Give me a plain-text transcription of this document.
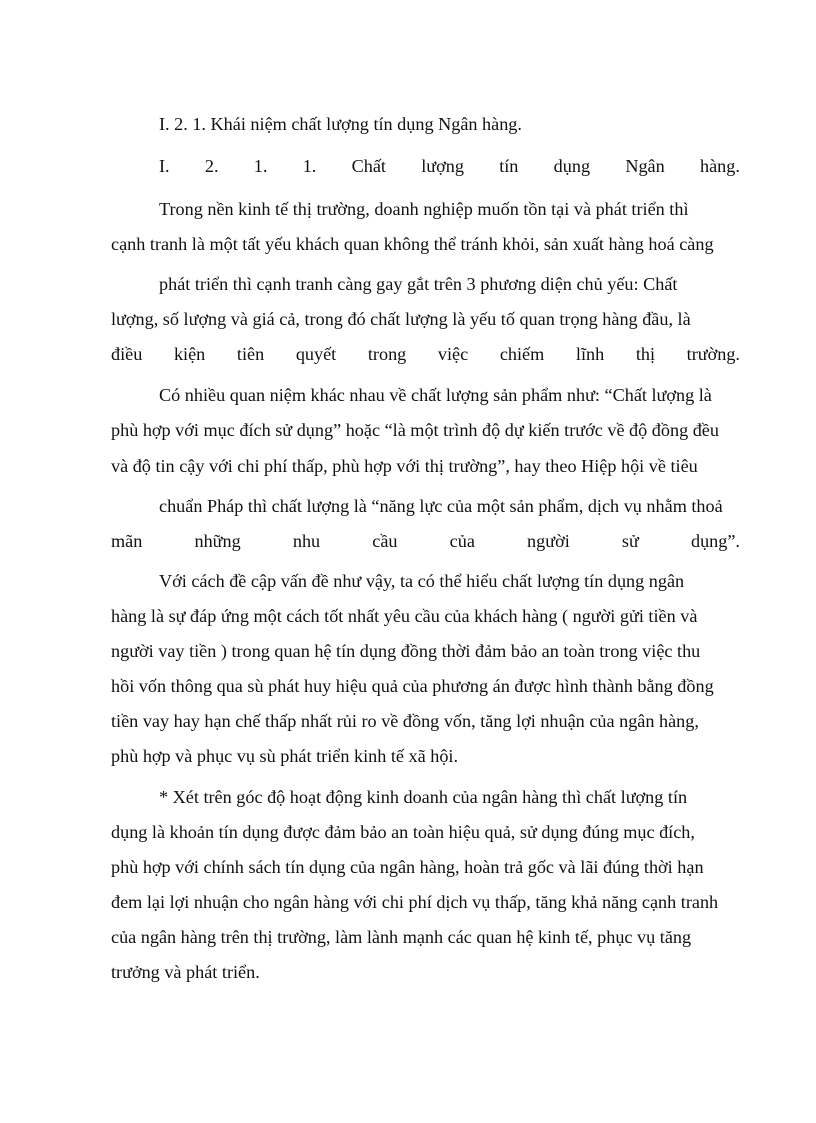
I. 2. 1. Khái niệm chất lượng tín dụng Ngân hàng.
I. 2. 1. 1. Chất lượng tín dụng Ngân hàng.
Trong nền kinh tế thị trường, doanh nghiệp muốn tồn tại và phát triển thì
cạnh tranh là một tất yếu khách quan không thể tránh khỏi, sản xuất hàng hoá càng
phát triển thì cạnh tranh càng gay gắt trên 3 phương diện chủ yếu: Chất
lượng, số lượng và giá cả, trong đó chất lượng là yếu tố quan trọng hàng đầu, là
điều kiện tiên quyết trong việc chiếm lĩnh thị trường.
Có nhiều quan niệm khác nhau về chất lượng sản phẩm như: “Chất lượng là
phù hợp với mục đích sử dụng” hoặc “là một trình độ dự kiến trước về độ đồng đều
và độ tin cậy với chi phí thấp, phù hợp với thị trường”, hay theo Hiệp hội về tiêu
chuẩn Pháp thì chất lượng là “năng lực của một sản phẩm, dịch vụ nhằm thoả
mãn	những	nhu	cầu	của	người	sử	dụng”.
Với cách đề cập vấn đề như vậy, ta có thể hiểu chất lượng tín dụng ngân
hàng là sự đáp ứng một cách tốt nhất yêu cầu của khách hàng ( người gửi tiền và
người vay tiền ) trong quan hệ tín dụng đồng thời đảm bảo an toàn trong việc thu
hồi vốn thông qua sù phát huy hiệu quả của phương án được hình thành bằng đồng
tiền vay hay hạn chế thấp nhất rủi ro về đồng vốn, tăng lợi nhuận của ngân hàng,
phù hợp và phục vụ sù phát triển kinh tế xã hội.
* Xét trên góc độ hoạt động kinh doanh của ngân hàng thì chất lượng tín
dụng là khoản tín dụng được đảm bảo an toàn hiệu quả, sử dụng đúng mục đích,
phù hợp với chính sách tín dụng của ngân hàng, hoàn trả gốc và lãi đúng thời hạn
đem lại lợi nhuận cho ngân hàng với chi phí dịch vụ thấp, tăng khả năng cạnh tranh
của ngân hàng trên thị trường, làm lành mạnh các quan hệ kinh tế, phục vụ tăng
trưởng và phát triển.
